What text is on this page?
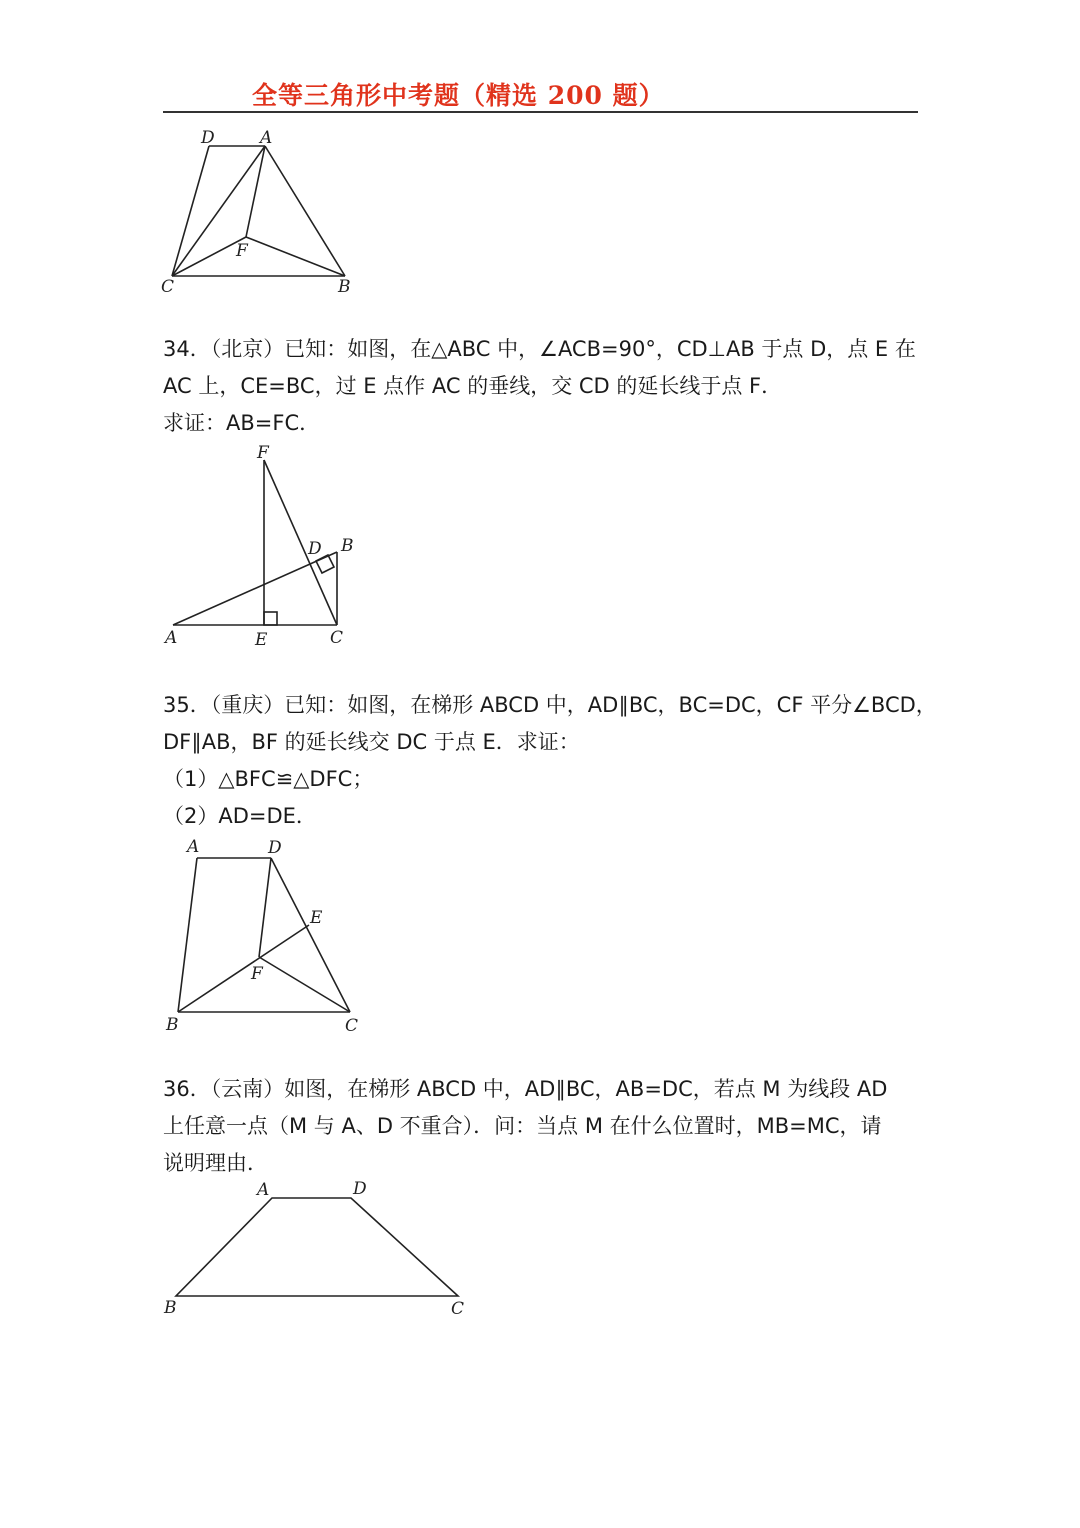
全等三角形中考题（精选 200 题）
D	A
F
C	B
34．（北京）已知：如图，在△ABC 中，∠ACB=90°，CD⊥AB 于点 D，点 E 在
AC 上，CE=BC，过 E 点作 AC 的垂线，交 CD 的延长线于点 F．
求证：AB=FC．
F
D B
A	E	C
35．（重庆）已知：如图，在梯形 ABCD 中，AD∥BC，BC=DC，CF 平分∠BCD，
DF∥AB，BF 的延长线交 DC 于点 E．求证：
（1）△BFC≌△DFC；
（2）AD=DE．
A	D
E
F
B	C
36．（云南）如图，在梯形 ABCD 中，AD∥BC，AB=DC，若点 M 为线段 AD
上任意一点（M 与 A、D 不重合）．问：当点 M 在什么位置时，MB=MC，请
说明理由．
A	D
B	C
